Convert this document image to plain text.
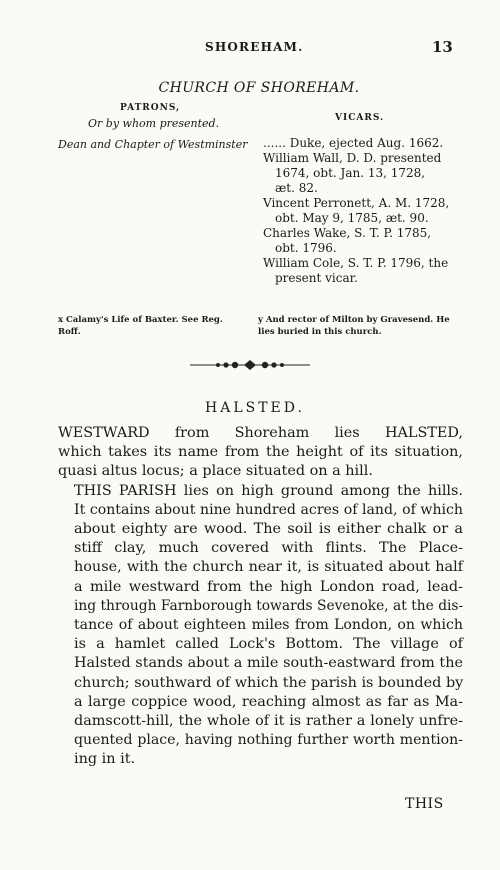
SHOREHAM.	13
CHURCH OF SHOREHAM.
PATRONS,
Or by whom presented.
Dean and Chapter of Westminster
VICARS.
...... Duke, ejected Aug. 1662.
William Wall, D. D. presented
1674, obt. Jan. 13, 1728,
æt. 82.
Vincent Perronett, A. M. 1728,
obt. May 9, 1785, æt. 90.
Charles Wake, S. T. P. 1785,
obt. 1796.
William Cole, S. T. P. 1796, the
present vicar.
x Calamy's Life of Baxter. See Reg. Roff.
y And rector of Milton by Gravesend. He lies buried in this church.
HALSTED.

WESTWARD from Shoreham lies HALSTED,
which takes its name from the height of its situation,
quasi altus locus; a place situated on a hill.

THIS PARISH lies on high ground among the hills.
It contains about nine hundred acres of land, of which
about eighty are wood. The soil is either chalk or a
stiff clay, much covered with flints. The Place-
house, with the church near it, is situated about half
a mile westward from the high London road, lead-
ing through Farnborough towards Sevenoke, at the dis-
tance of about eighteen miles from London, on which
is a hamlet called Lock's Bottom. The village of
Halsted stands about a mile south-eastward from the
church; southward of which the parish is bounded by
a large coppice wood, reaching almost as far as Ma-
damscott-hill, the whole of it is rather a lonely unfre-
quented place, having nothing further worth mention-
ing in it.

THIS
